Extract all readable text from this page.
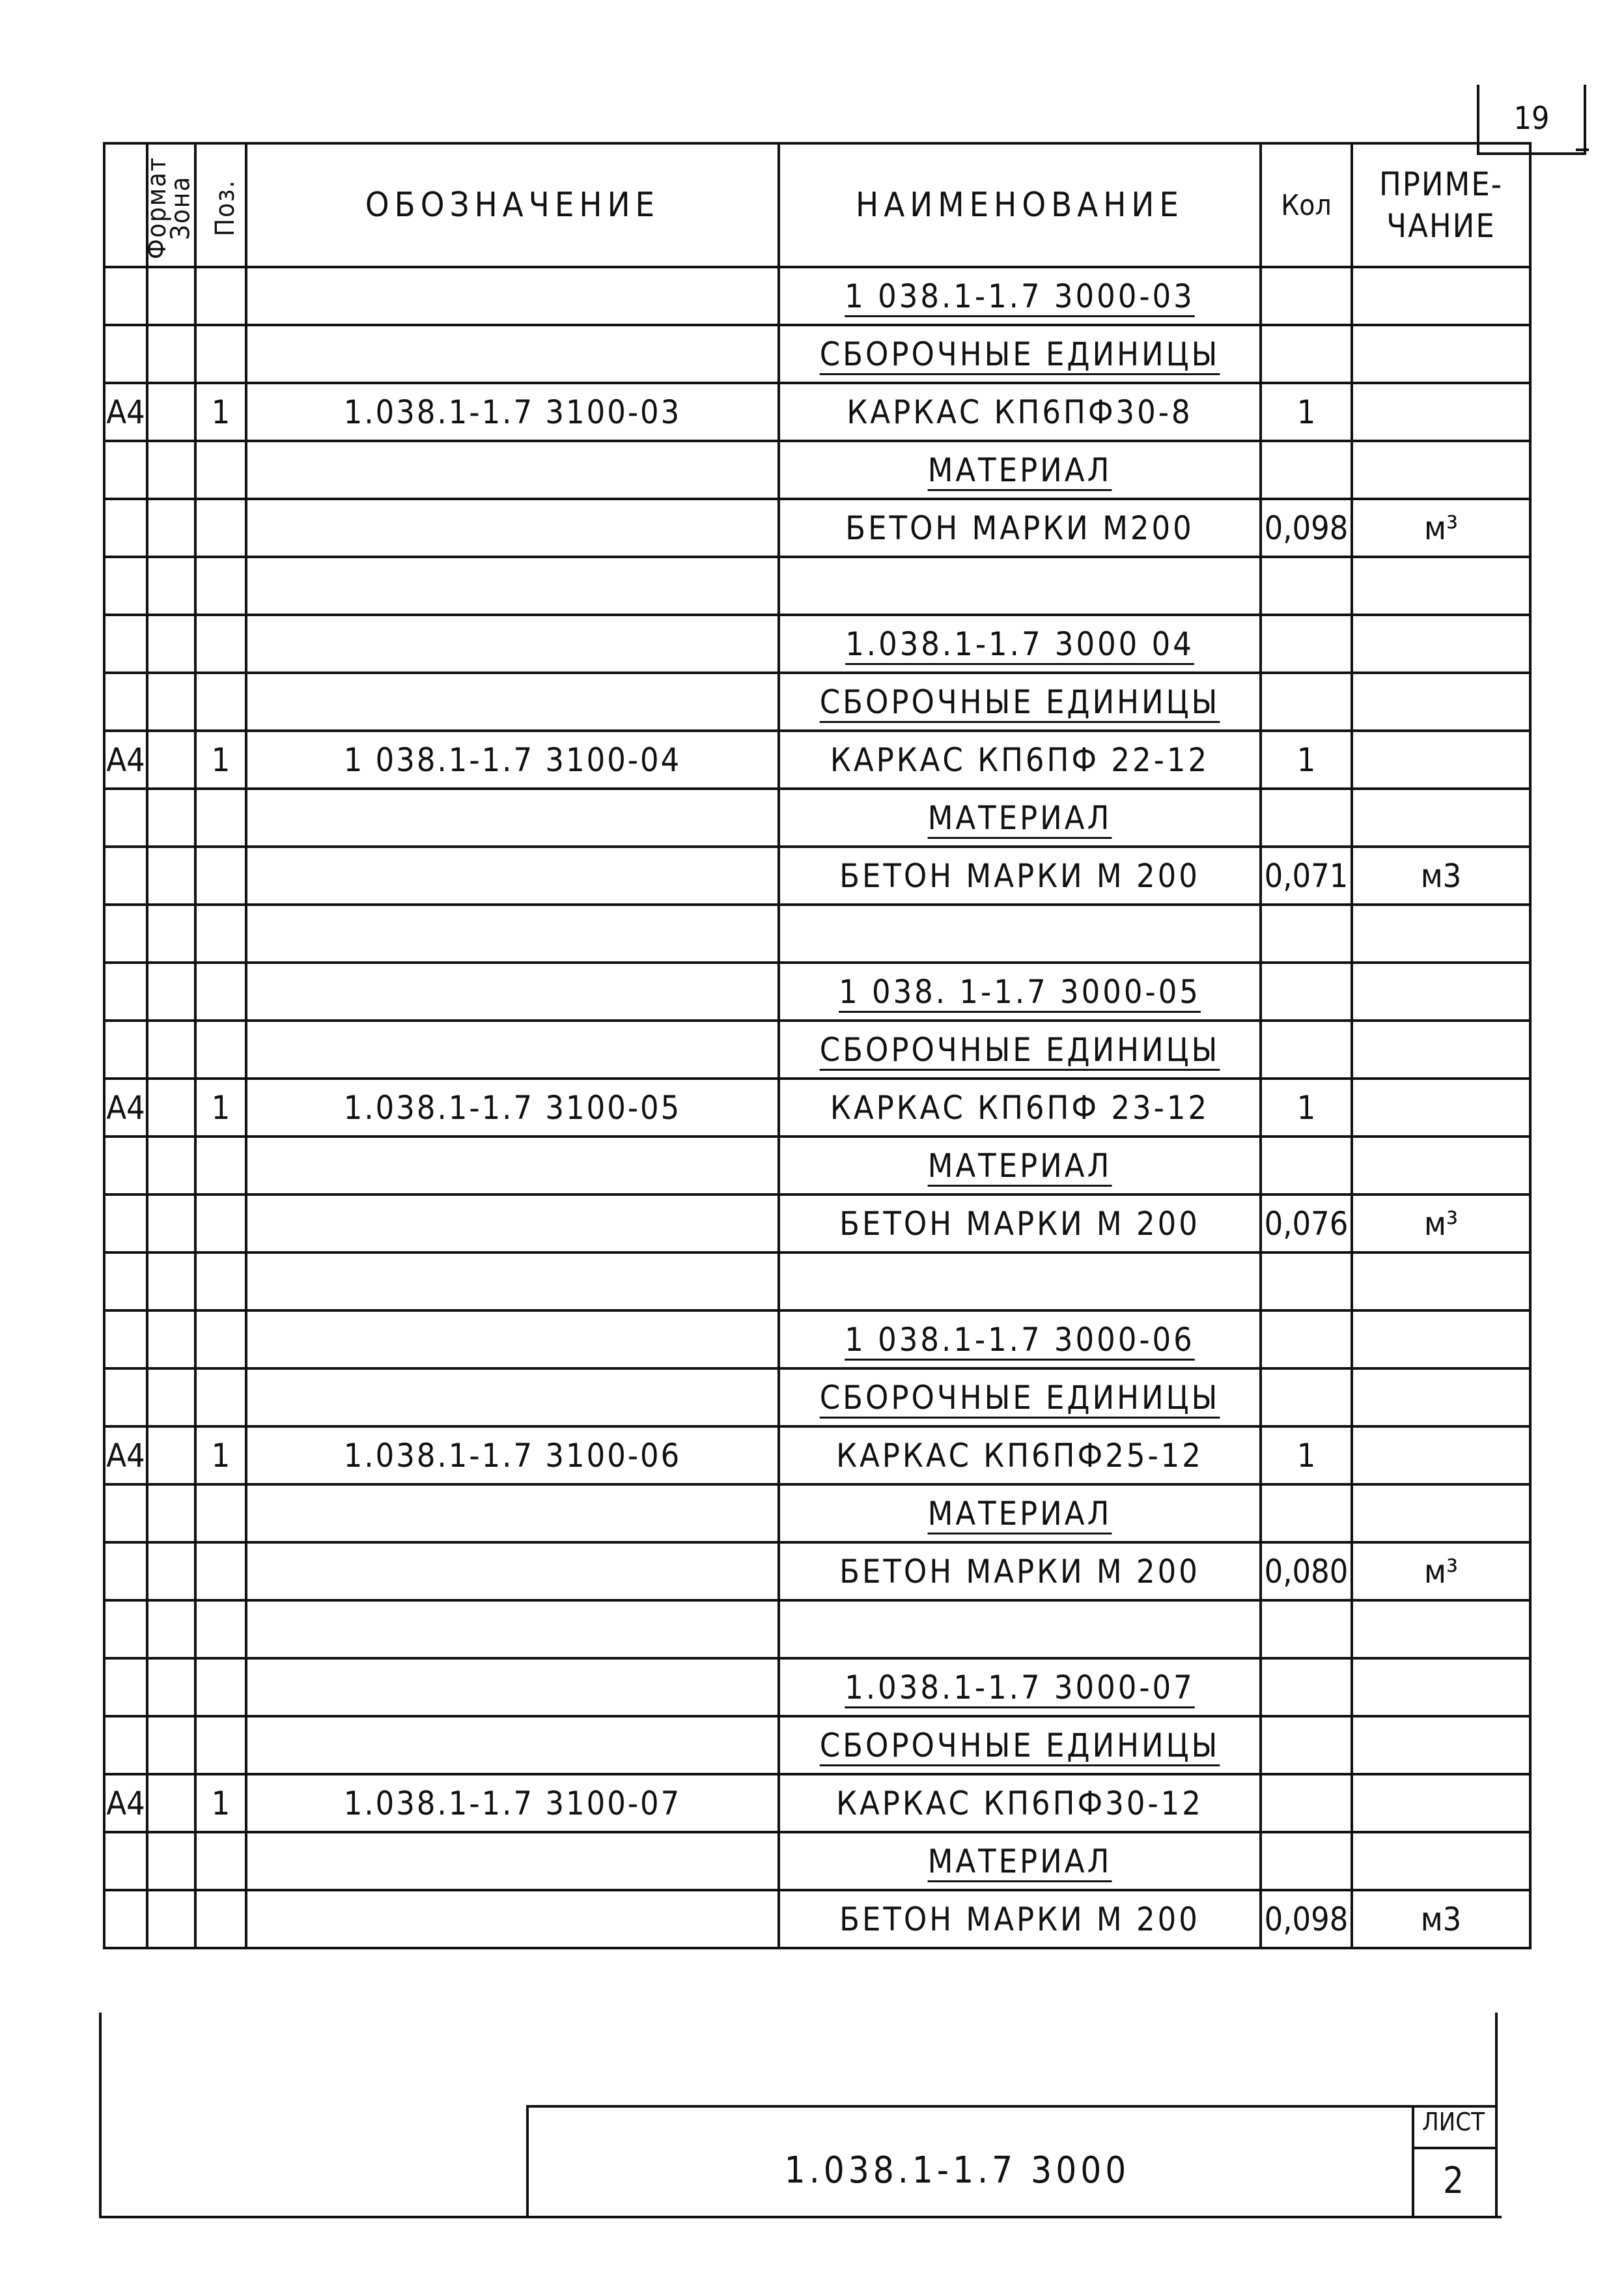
19
Формат	Зона	Поз.	ОБОЗНАЧЕНИЕ	НАИМЕНОВАНИЕ	Кол	ПРИМЕ-
ЧАНИЕ

				1 038.1-1.7 3000-03		
				СБОРОЧНЫЕ ЕДИНИЦЫ		
А4		1	1.038.1-1.7 3100-03	КАРКАС КП6ПФ30-8	1	
				МАТЕРИАЛ		
				БЕТОН МАРКИ М200	0,098	м³

				1.038.1-1.7 3000 04		
				СБОРОЧНЫЕ ЕДИНИЦЫ		
А4		1	1 038.1-1.7 3100-04	КАРКАС КП6ПФ 22-12	1	
				МАТЕРИАЛ		
				БЕТОН МАРКИ М 200	0,071	м3

				1 038. 1-1.7 3000-05		
				СБОРОЧНЫЕ ЕДИНИЦЫ		
А4		1	1.038.1-1.7 3100-05	КАРКАС КП6ПФ 23-12	1	
				МАТЕРИАЛ		
				БЕТОН МАРКИ М 200	0,076	м³

				1 038.1-1.7 3000-06		
				СБОРОЧНЫЕ ЕДИНИЦЫ		
А4		1	1.038.1-1.7 3100-06	КАРКАС КП6ПФ25-12	1	
				МАТЕРИАЛ		
				БЕТОН МАРКИ М 200	0,080	м³

				1.038.1-1.7 3000-07		
				СБОРОЧНЫЕ ЕДИНИЦЫ		
А4		1	1.038.1-1.7 3100-07	КАРКАС КП6ПФ30-12		
				МАТЕРИАЛ		
				БЕТОН МАРКИ М 200	0,098	м3
1.038.1-1.7 3000
ЛИСТ
2
